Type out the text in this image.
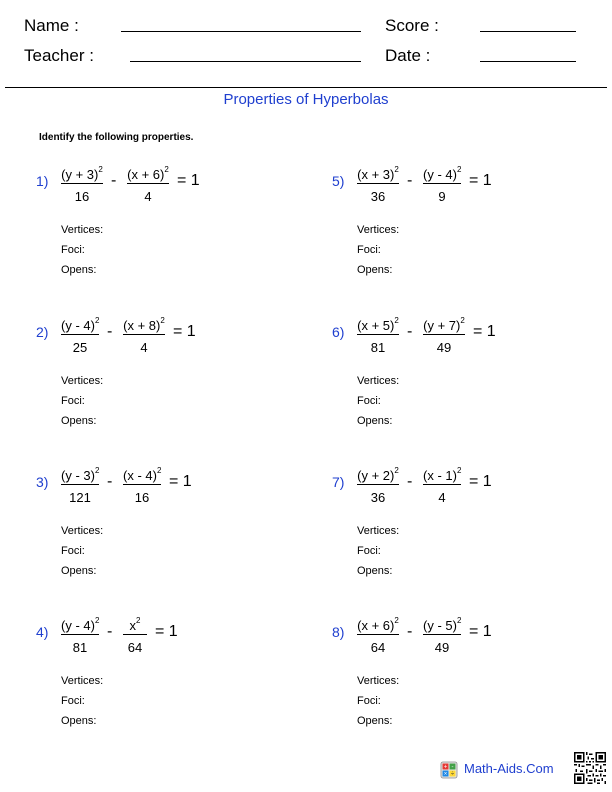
Name :	Score :
Teacher :	Date :
Properties of Hyperbolas
Identify the following properties.
1) $(y + 3)^2$
16
- $(x + 6)^2$
4
= 1
Vertices:
Foci:
Opens:
2) (y - 4)$^2$
25
- $(x + 8)^2$
4
= 1
Vertices:
Foci:
Opens:
3) (y - 3)$^2$
121
- (x - 4)$^2$
16
= 1
Vertices:
Foci:
Opens:
4) (y - 4)$^2$
81
-	$x^2$
64
= 1
Vertices:
Foci:
Opens:
5) $(x + 3)^2$
36
- (y - 4)$^2$
9
= 1
Vertices:
Foci:
Opens:
6) $(x + 5)^2$
81
- $(y + 7)^2$
49
= 1
Vertices:
Foci:
Opens:
7) $(y + 2)^2$
36
- (x - 1)$^2$
4
= 1
Vertices:
Foci:
Opens:
8) $(x + 6)^2$
64
- (y - 5)$^2$
49
= 1
Vertices:
Foci:
Opens:
+ -
× ÷ Math-Aids.Com
